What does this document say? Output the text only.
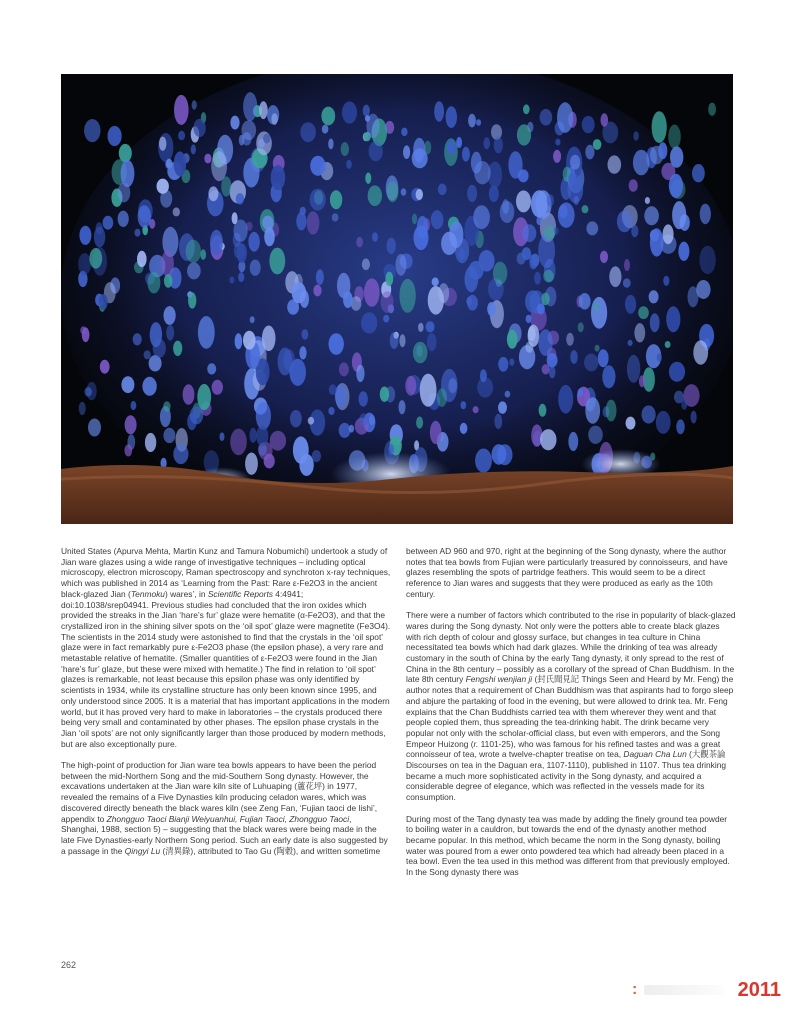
United States (Apurva Mehta, Martin Kunz and Tamura Nobumichi) undertook a study of Jian ware glazes using a wide range of investigative techniques – including optical microscopy, electron microscopy, Raman spectroscopy and synchroton x-ray techniques, which was published in 2014 as ‘Learning from the Past: Rare ε-Fe2O3 in the ancient black-glazed Jian (Tenmoku) wares’, in Scientific Reports 4:4941; doi:10.1038/srep04941. Previous studies had concluded that the iron oxides which provided the streaks in the Jian ‘hare’s fur’ glaze were hematite (α-Fe2O3), and that the crystallized iron in the shining silver spots on the ‘oil spot’ glaze were magnetite (Fe3O4). The scientists in the 2014 study were astonished to find that the crystals in the ‘oil spot’ glaze were in fact remarkably pure ε-Fe2O3 phase (the epsilon phase), a very rare and metastable relative of hematite. (Smaller quantities of ε-Fe2O3 were found in the Jian ‘hare’s fur’ glaze, but these were mixed with hematite.) The find in relation to ‘oil spot’ glazes is remarkable, not least because this epsilon phase was only identified by scientists in 1934, while its crystalline structure has only been known since 1995, and only understood since 2005. It is a material that has important applications in the modern world, but it has proved very hard to make in laboratories – the crystals produced there being very small and contaminated by other phases. The epsilon phase crystals in the Jian ‘oil spots’ are not only significantly larger than those produced by modern methods, but are also exceptionally pure.

The high-point of production for Jian ware tea bowls appears to have been the period between the mid-Northern Song and the mid-Southern Song dynasty. However, the excavations undertaken at the Jian ware kiln site of Luhuaping (蘆花坪) in 1977, revealed the remains of a Five Dynasties kiln producing celadon wares, which was discovered directly beneath the black wares kiln (see Zeng Fan, ‘Fujian taoci de lishi’, appendix to Zhongguo Taoci Bianji Weiyuanhui, Fujian Taoci, Zhongguo Taoci, Shanghai, 1988, section 5) – suggesting that the black wares were being made in the late Five Dynasties-early Northern Song period. Such an early date is also suggested by a passage in the Qingyi Lu (清異錄), attributed to Tao Gu (陶穀), and written sometime

between AD 960 and 970, right at the beginning of the Song dynasty, where the author notes that tea bowls from Fujian were particularly treasured by connoisseurs, and have glazes resembling the spots of partridge feathers. This would seem to be a direct reference to Jian wares and suggests that they were produced as early as the 10th century.

There were a number of factors which contributed to the rise in popularity of black-glazed wares during the Song dynasty. Not only were the potters able to create black glazes with rich depth of colour and glossy surface, but changes in tea culture in China necessitated tea bowls which had dark glazes. While the drinking of tea was already customary in the south of China by the early Tang dynasty, it only spread to the rest of China in the 8th century – possibly as a corollary of the spread of Chan Buddhism. In the late 8th century Fengshi wenjian ji (封氏聞見記 Things Seen and Heard by Mr. Feng) the author notes that a requirement of Chan Buddhism was that aspirants had to forgo sleep and abjure the partaking of food in the evening, but were allowed to drink tea. Mr. Feng explains that the Chan Buddhists carried tea with them wherever they went and that people copied them, thus spreading the tea-drinking habit. The drink became very popular not only with the scholar-official class, but even with emperors, and the Song Empeor Huizong (r. 1101-25), who was famous for his refined tastes and was a great connoisseur of tea, wrote a twelve-chapter treatise on tea, Daguan Cha Lun (大觀茶論 Discourses on tea in the Daguan era, 1107-1110), published in 1107. Thus tea drinking became a much more sophisticated activity in the Song dynasty, and acquired a considerable degree of elegance, which was reflected in the vessels made for its consumption.

During most of the Tang dynasty tea was made by adding the finely ground tea powder to boiling water in a cauldron, but towards the end of the dynasty another method became popular. In this method, which became the norm in the Song dynasty, boiling water was poured from a ewer onto powdered tea which had already been placed in a tea bowl. Even the tea used in this method was different from that previously employed. In the Song dynasty there was

262
:	2011
